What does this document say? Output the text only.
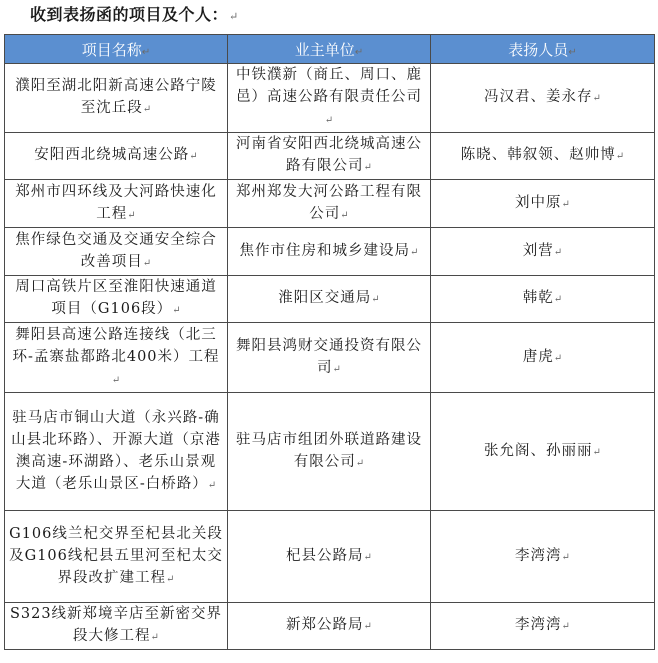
收到表扬函的项目及个人：↵
项目名称↵	业主单位↵	表扬人员↵
濮阳至湖北阳新高速公路宁陵至沈丘段↵	中铁濮新（商丘、周口、鹿邑）高速公路有限责任公司↵	冯汉君、姜永存↵
安阳西北绕城高速公路↵	河南省安阳西北绕城高速公路有限公司↵	陈晓、韩叙领、赵帅博↵
郑州市四环线及大河路快速化工程↵	郑州郑发大河公路工程有限公司↵	刘中原↵
焦作绿色交通及交通安全综合改善项目↵	焦作市住房和城乡建设局↵	刘营↵
周口高铁片区至淮阳快速通道项目（G106段）↵	淮阳区交通局↵	韩乾↵
舞阳县高速公路连接线（北三环-孟寨盐都路北400米）工程↵	舞阳县鸿财交通投资有限公司↵	唐虎↵
驻马店市铜山大道（永兴路-确山县北环路）、开源大道（京港澳高速-环湖路）、老乐山景观大道（老乐山景区-白桥路）↵	驻马店市组团外联道路建设有限公司↵	张允阁、孙丽丽↵
G106线兰杞交界至杞县北关段及G106线杞县五里河至杞太交界段改扩建工程↵	杞县公路局↵	李湾湾↵
S323线新郑境辛店至新密交界段大修工程↵	新郑公路局↵	李湾湾↵
